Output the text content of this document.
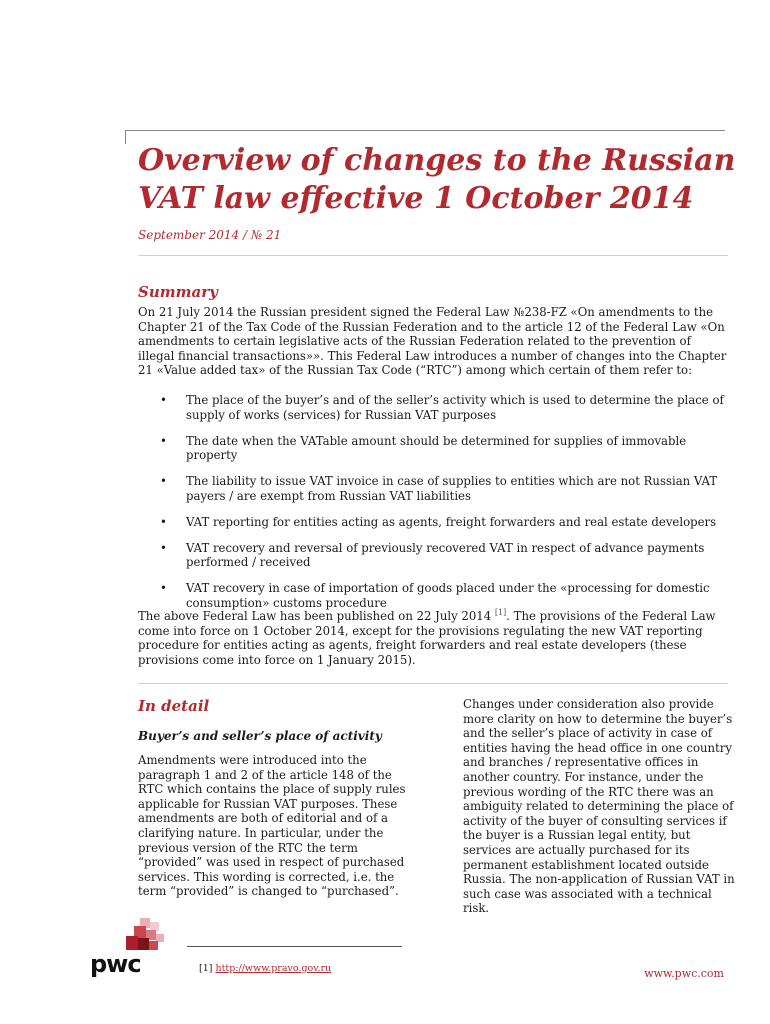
Overview of changes to the Russian VAT law effective 1 October 2014

September 2014 / № 21

Summary

On 21 July 2014 the Russian president signed the Federal Law №238-FZ «On amendments to the Chapter 21 of the Tax Code of the Russian Federation and to the article 12 of the Federal Law «On amendments to certain legislative acts of the Russian Federation related to the prevention of illegal financial transactions»». This Federal Law introduces a number of changes into the Chapter 21 «Value added tax» of the Russian Tax Code (“RTC”) among which certain of them refer to:

• The place of the buyer’s and of the seller’s activity which is used to determine the place of supply of works (services) for Russian VAT purposes
• The date when the VATable amount should be determined for supplies of immovable property
• The liability to issue VAT invoice in case of supplies to entities which are not Russian VAT payers / are exempt from Russian VAT liabilities
• VAT reporting for entities acting as agents, freight forwarders and real estate developers
• VAT recovery and reversal of previously recovered VAT in respect of advance payments performed / received
• VAT recovery in case of importation of goods placed under the «processing for domestic consumption» customs procedure

The above Federal Law has been published on 22 July 2014 [1]. The provisions of the Federal Law come into force on 1 October 2014, except for the provisions regulating the new VAT reporting procedure for entities acting as agents, freight forwarders and real estate developers (these provisions come into force on 1 January 2015).

In detail
Buyer’s and seller’s place of activity

Amendments were introduced into the paragraph 1 and 2 of the article 148 of the RTC which contains the place of supply rules applicable for Russian VAT purposes. These amendments are both of editorial and of a clarifying nature. In particular, under the previous version of the RTC the term “provided” was used in respect of purchased services. This wording is corrected, i.e. the term “provided” is changed to “purchased”.

Changes under consideration also provide more clarity on how to determine the buyer’s and the seller’s place of activity in case of entities having the head office in one country and branches / representative offices in another country. For instance, under the previous wording of the RTC there was an ambiguity related to determining the place of activity of the buyer of consulting services if the buyer is a Russian legal entity, but services are actually purchased for its permanent establishment located outside Russia. The non-application of Russian VAT in such case was associated with a technical risk.

pwc	[1] http://www.pravo.gov.ru	www.pwc.com
